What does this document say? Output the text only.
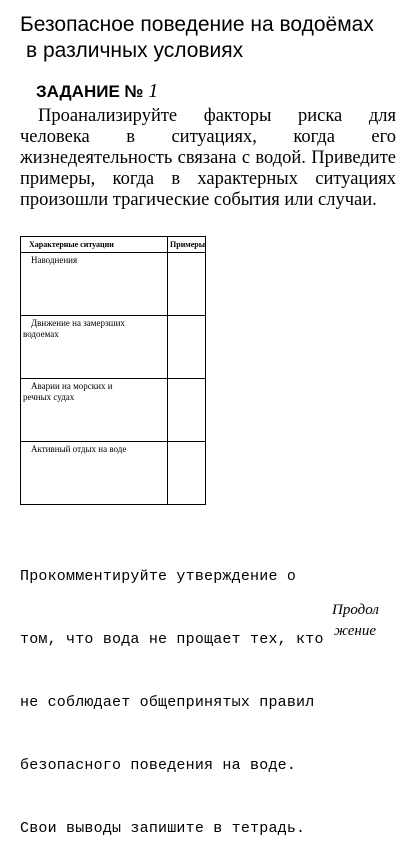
Безопасное поведение на водоёмах
в различных условиях
ЗАДАНИЕ № 1
Проанализируйте факторы риска для человека в ситуациях, когда его жизнедеятельность связана с водой. Приведите примеры, когда в характерных ситуациях произошли трагические события или случаи.
Характерные ситуации	Примеры

Наводнения	

Движение на замерзших
водоемах	

Аварии на морских и
речных судах	

Активный отдых на воде	

Прокомментируйте утверждение о

том, что вода не прощает тех, кто

не соблюдает общепринятых правил

безопасного поведения на воде.

Свои выводы запишите в тетрадь.

Продол
жение
